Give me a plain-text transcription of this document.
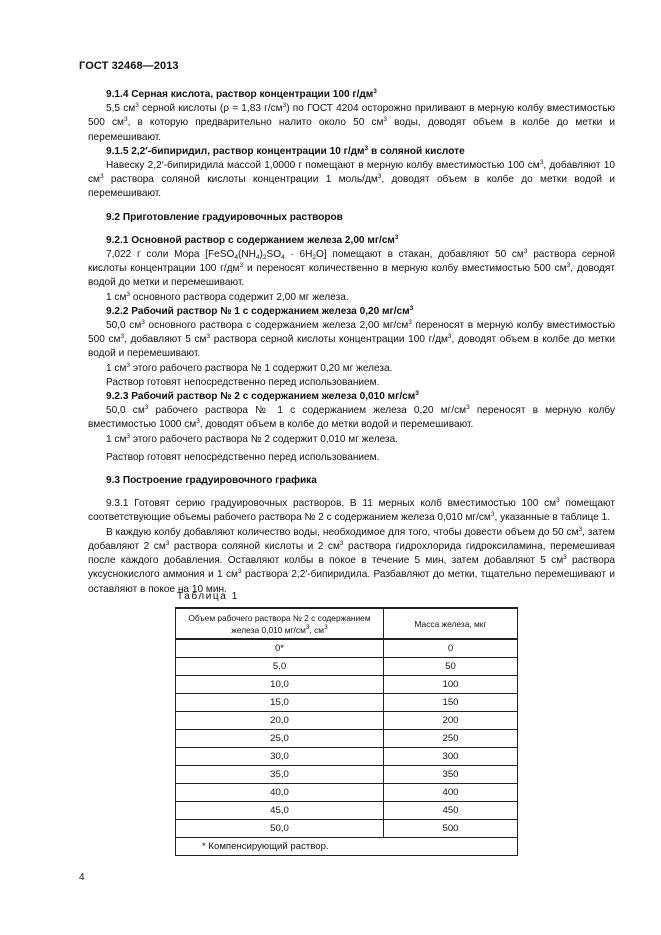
ГОСТ 32468—2013

9.1.4 Серная кислота, раствор концентрации 100 $г/дм^3$

5,5 $см^3$ серной кислоты (ρ = 1,83 $г/см^3$) по ГОСТ 4204 осторожно приливают в мерную колбу вместимостью 500 $см^3$, в которую предварительно налито около 50 $см^3$ воды, доводят объем в колбе до метки и перемешивают.

9.1.5 2,2′-бипиридил, раствор концентрации 10 $г/дм^3$ в соляной кислоте

Навеску 2,2′-бипиридила массой 1,0000 г помещают в мерную колбу вместимостью 100 $см^3$, добавляют 10 $см^3$ раствора соляной кислоты концентрации 1 моль/$дм^3$, доводят объем в колбе до метки водой и перемешивают.

9.2 Приготовление градуировочных растворов

9.2.1 Основной раствор с содержанием железа 2,00 $мг/см^3$

7,022 г соли Мора $[FeSO_4(NH_4)_2SO_4 \cdot 6H_2O]$ помещают в стакан, добавляют 50 $см^3$ раствора серной кислоты концентрации 100 $г/дм^3$ и переносят количественно в мерную колбу вместимостью 500 $см^3$, доводят водой до метки и перемешивают.

1 $см^3$ основного раствора содержит 2,00 мг железа.

9.2.2 Рабочий раствор № 1 с содержанием железа 0,20 $мг/см^3$

50,0 $см^3$ основного раствора с содержанием железа 2,00 $мг/см^3$ переносят в мерную колбу вместимостью 500 $см^3$, добавляют 5 $см^3$ раствора серной кислоты концентрации 100 $г/дм^3$, доводят объем в колбе до метки водой и перемешивают.

1 $см^3$ этого рабочего раствора № 1 содержит 0,20 мг железа.

Раствор готовят непосредственно перед использованием.

9.2.3 Рабочий раствор № 2 с содержанием железа 0,010 $мг/см^3$

50,0 $см^3$ рабочего раствора № 1 с содержанием железа 0,20 $мг/см^3$ переносят в мерную колбу вместимостью 1000 $см^3$, доводят объем в колбе до метки водой и перемешивают.

1 $см^3$ этого рабочего раствора № 2 содержит 0,010 мг железа.

Раствор готовят непосредственно перед использованием.

9.3 Построение градуировочного графика

9.3.1 Готовят серию градуировочных растворов. В 11 мерных колб вместимостью 100 $см^3$ помещают соответствующие объемы рабочего раствора № 2 с содержанием железа 0,010 $мг/см^3$, указанные в таблице 1.

В каждую колбу добавляют количество воды, необходимое для того, чтобы довести объем до 50 $см^3$, затем добавляют 2 $см^3$ раствора соляной кислоты и 2 $см^3$ раствора гидрохлорида гидроксиламина, перемешивая после каждого добавления. Оставляют колбы в покое в течение 5 мин, затем добавляют 5 $см^3$ раствора уксуснокислого аммония и 1 $см^3$ раствора 2,2′-бипиридила. Разбавляют до метки, тщательно перемешивают и оставляют в покое на 10 мин.

Таблица 1
Объем рабочего раствора № 2 с содержанием железа 0,010 $мг/см^3$, $см^3$	Масса железа, мкг
0*	0
5,0	50
10,0	100
15,0	150
20,0	200
25,0	250
30,0	300
35,0	350
40,0	400
45,0	450
50,0	500
* Компенсирующий раствор.	
4
